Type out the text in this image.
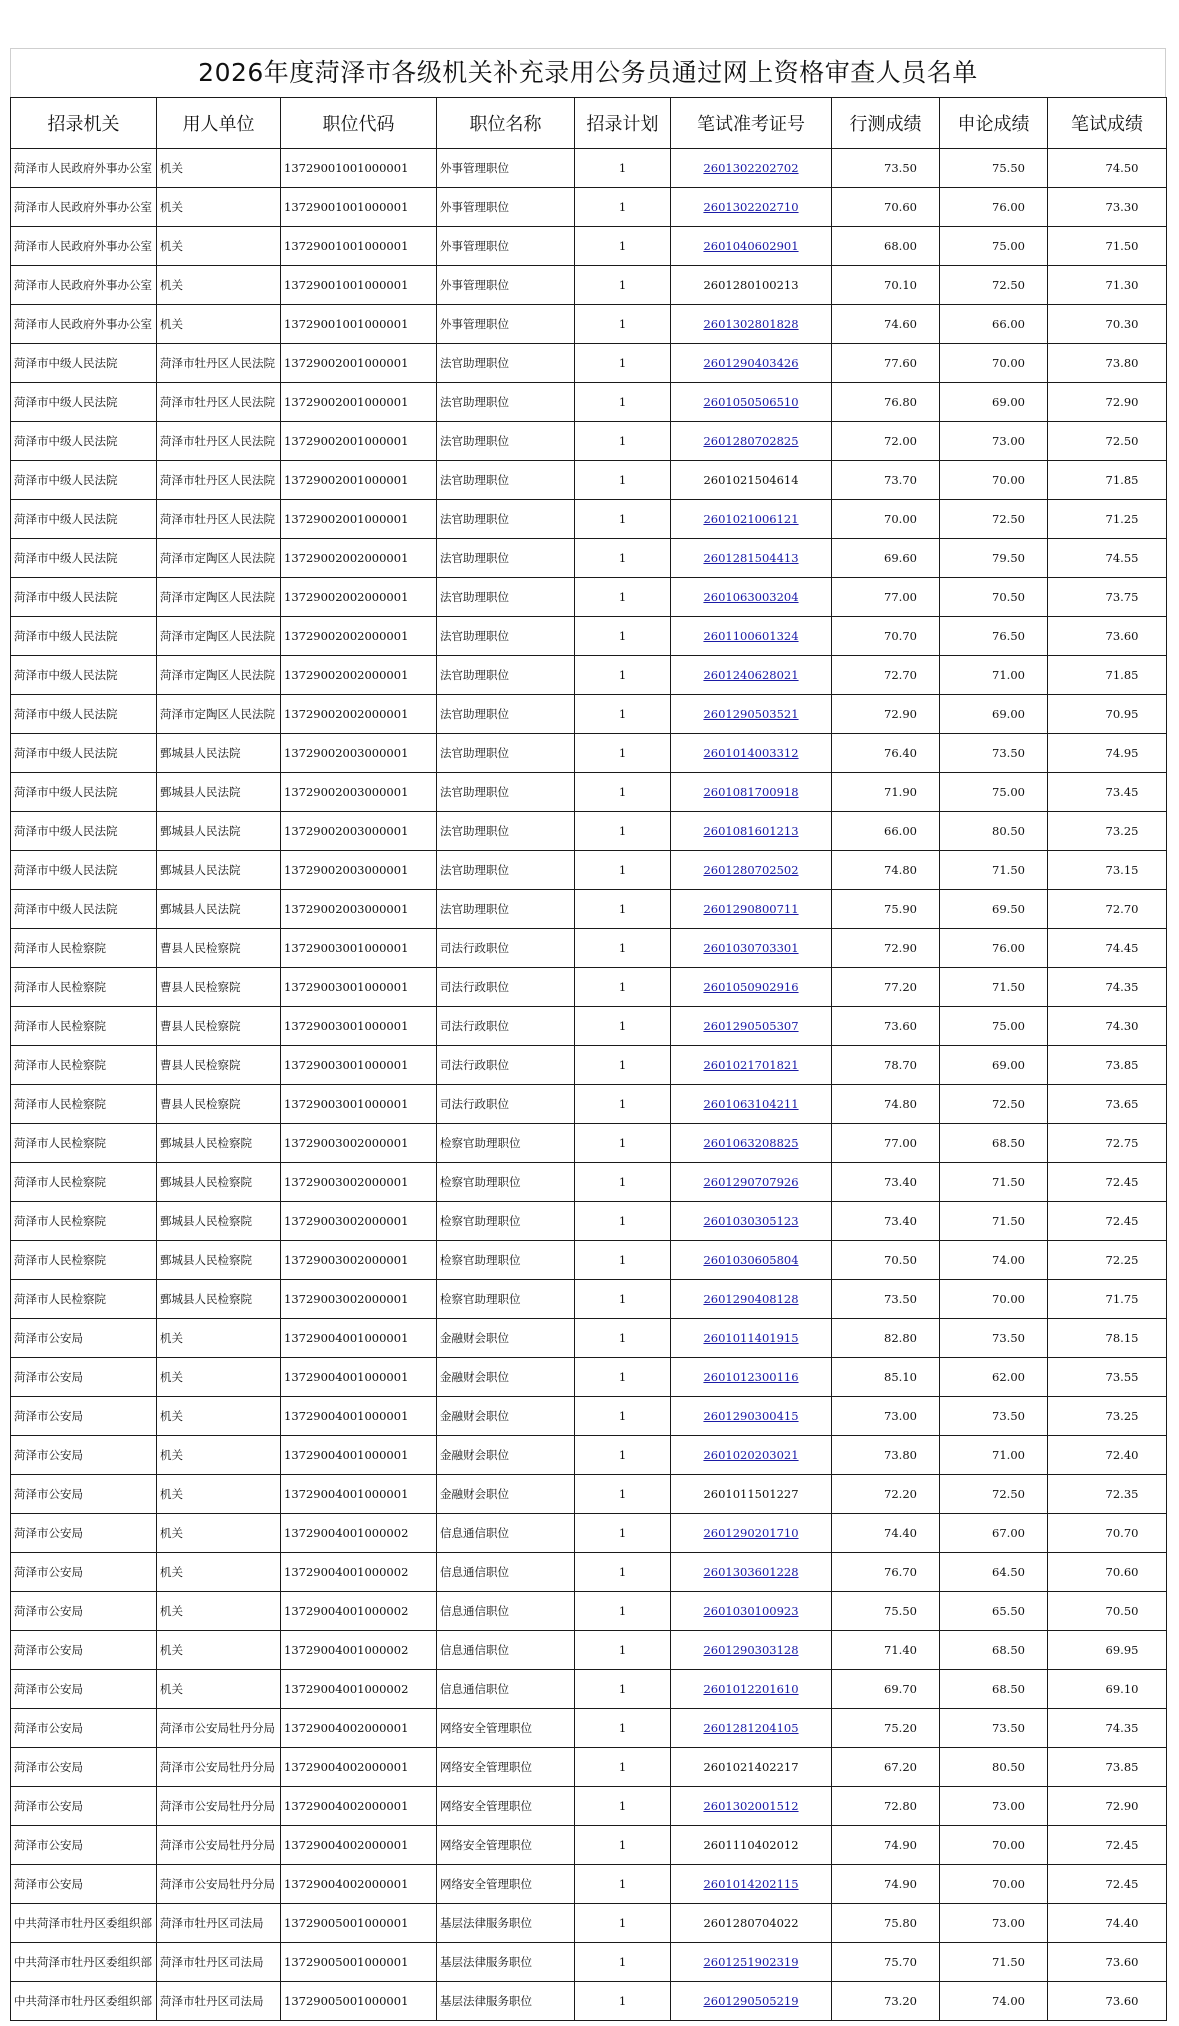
2026年度菏泽市各级机关补充录用公务员通过网上资格审查人员名单
招录机关	用人单位	职位代码	职位名称	招录计划	笔试准考证号	行测成绩	申论成绩	笔试成绩
菏泽市人民政府外事办公室	机关	13729001001000001	外事管理职位	1	2601302202702	73.50	75.50	74.50
菏泽市人民政府外事办公室	机关	13729001001000001	外事管理职位	1	2601302202710	70.60	76.00	73.30
菏泽市人民政府外事办公室	机关	13729001001000001	外事管理职位	1	2601040602901	68.00	75.00	71.50
菏泽市人民政府外事办公室	机关	13729001001000001	外事管理职位	1	2601280100213	70.10	72.50	71.30
菏泽市人民政府外事办公室	机关	13729001001000001	外事管理职位	1	2601302801828	74.60	66.00	70.30
菏泽市中级人民法院	菏泽市牡丹区人民法院	13729002001000001	法官助理职位	1	2601290403426	77.60	70.00	73.80
菏泽市中级人民法院	菏泽市牡丹区人民法院	13729002001000001	法官助理职位	1	2601050506510	76.80	69.00	72.90
菏泽市中级人民法院	菏泽市牡丹区人民法院	13729002001000001	法官助理职位	1	2601280702825	72.00	73.00	72.50
菏泽市中级人民法院	菏泽市牡丹区人民法院	13729002001000001	法官助理职位	1	2601021504614	73.70	70.00	71.85
菏泽市中级人民法院	菏泽市牡丹区人民法院	13729002001000001	法官助理职位	1	2601021006121	70.00	72.50	71.25
菏泽市中级人民法院	菏泽市定陶区人民法院	13729002002000001	法官助理职位	1	2601281504413	69.60	79.50	74.55
菏泽市中级人民法院	菏泽市定陶区人民法院	13729002002000001	法官助理职位	1	2601063003204	77.00	70.50	73.75
菏泽市中级人民法院	菏泽市定陶区人民法院	13729002002000001	法官助理职位	1	2601100601324	70.70	76.50	73.60
菏泽市中级人民法院	菏泽市定陶区人民法院	13729002002000001	法官助理职位	1	2601240628021	72.70	71.00	71.85
菏泽市中级人民法院	菏泽市定陶区人民法院	13729002002000001	法官助理职位	1	2601290503521	72.90	69.00	70.95
菏泽市中级人民法院	鄄城县人民法院	13729002003000001	法官助理职位	1	2601014003312	76.40	73.50	74.95
菏泽市中级人民法院	鄄城县人民法院	13729002003000001	法官助理职位	1	2601081700918	71.90	75.00	73.45
菏泽市中级人民法院	鄄城县人民法院	13729002003000001	法官助理职位	1	2601081601213	66.00	80.50	73.25
菏泽市中级人民法院	鄄城县人民法院	13729002003000001	法官助理职位	1	2601280702502	74.80	71.50	73.15
菏泽市中级人民法院	鄄城县人民法院	13729002003000001	法官助理职位	1	2601290800711	75.90	69.50	72.70
菏泽市人民检察院	曹县人民检察院	13729003001000001	司法行政职位	1	2601030703301	72.90	76.00	74.45
菏泽市人民检察院	曹县人民检察院	13729003001000001	司法行政职位	1	2601050902916	77.20	71.50	74.35
菏泽市人民检察院	曹县人民检察院	13729003001000001	司法行政职位	1	2601290505307	73.60	75.00	74.30
菏泽市人民检察院	曹县人民检察院	13729003001000001	司法行政职位	1	2601021701821	78.70	69.00	73.85
菏泽市人民检察院	曹县人民检察院	13729003001000001	司法行政职位	1	2601063104211	74.80	72.50	73.65
菏泽市人民检察院	鄄城县人民检察院	13729003002000001	检察官助理职位	1	2601063208825	77.00	68.50	72.75
菏泽市人民检察院	鄄城县人民检察院	13729003002000001	检察官助理职位	1	2601290707926	73.40	71.50	72.45
菏泽市人民检察院	鄄城县人民检察院	13729003002000001	检察官助理职位	1	2601030305123	73.40	71.50	72.45
菏泽市人民检察院	鄄城县人民检察院	13729003002000001	检察官助理职位	1	2601030605804	70.50	74.00	72.25
菏泽市人民检察院	鄄城县人民检察院	13729003002000001	检察官助理职位	1	2601290408128	73.50	70.00	71.75
菏泽市公安局	机关	13729004001000001	金融财会职位	1	2601011401915	82.80	73.50	78.15
菏泽市公安局	机关	13729004001000001	金融财会职位	1	2601012300116	85.10	62.00	73.55
菏泽市公安局	机关	13729004001000001	金融财会职位	1	2601290300415	73.00	73.50	73.25
菏泽市公安局	机关	13729004001000001	金融财会职位	1	2601020203021	73.80	71.00	72.40
菏泽市公安局	机关	13729004001000001	金融财会职位	1	2601011501227	72.20	72.50	72.35
菏泽市公安局	机关	13729004001000002	信息通信职位	1	2601290201710	74.40	67.00	70.70
菏泽市公安局	机关	13729004001000002	信息通信职位	1	2601303601228	76.70	64.50	70.60
菏泽市公安局	机关	13729004001000002	信息通信职位	1	2601030100923	75.50	65.50	70.50
菏泽市公安局	机关	13729004001000002	信息通信职位	1	2601290303128	71.40	68.50	69.95
菏泽市公安局	机关	13729004001000002	信息通信职位	1	2601012201610	69.70	68.50	69.10
菏泽市公安局	菏泽市公安局牡丹分局	13729004002000001	网络安全管理职位	1	2601281204105	75.20	73.50	74.35
菏泽市公安局	菏泽市公安局牡丹分局	13729004002000001	网络安全管理职位	1	2601021402217	67.20	80.50	73.85
菏泽市公安局	菏泽市公安局牡丹分局	13729004002000001	网络安全管理职位	1	2601302001512	72.80	73.00	72.90
菏泽市公安局	菏泽市公安局牡丹分局	13729004002000001	网络安全管理职位	1	2601110402012	74.90	70.00	72.45
菏泽市公安局	菏泽市公安局牡丹分局	13729004002000001	网络安全管理职位	1	2601014202115	74.90	70.00	72.45
中共菏泽市牡丹区委组织部	菏泽市牡丹区司法局	13729005001000001	基层法律服务职位	1	2601280704022	75.80	73.00	74.40
中共菏泽市牡丹区委组织部	菏泽市牡丹区司法局	13729005001000001	基层法律服务职位	1	2601251902319	75.70	71.50	73.60
中共菏泽市牡丹区委组织部	菏泽市牡丹区司法局	13729005001000001	基层法律服务职位	1	2601290505219	73.20	74.00	73.60
